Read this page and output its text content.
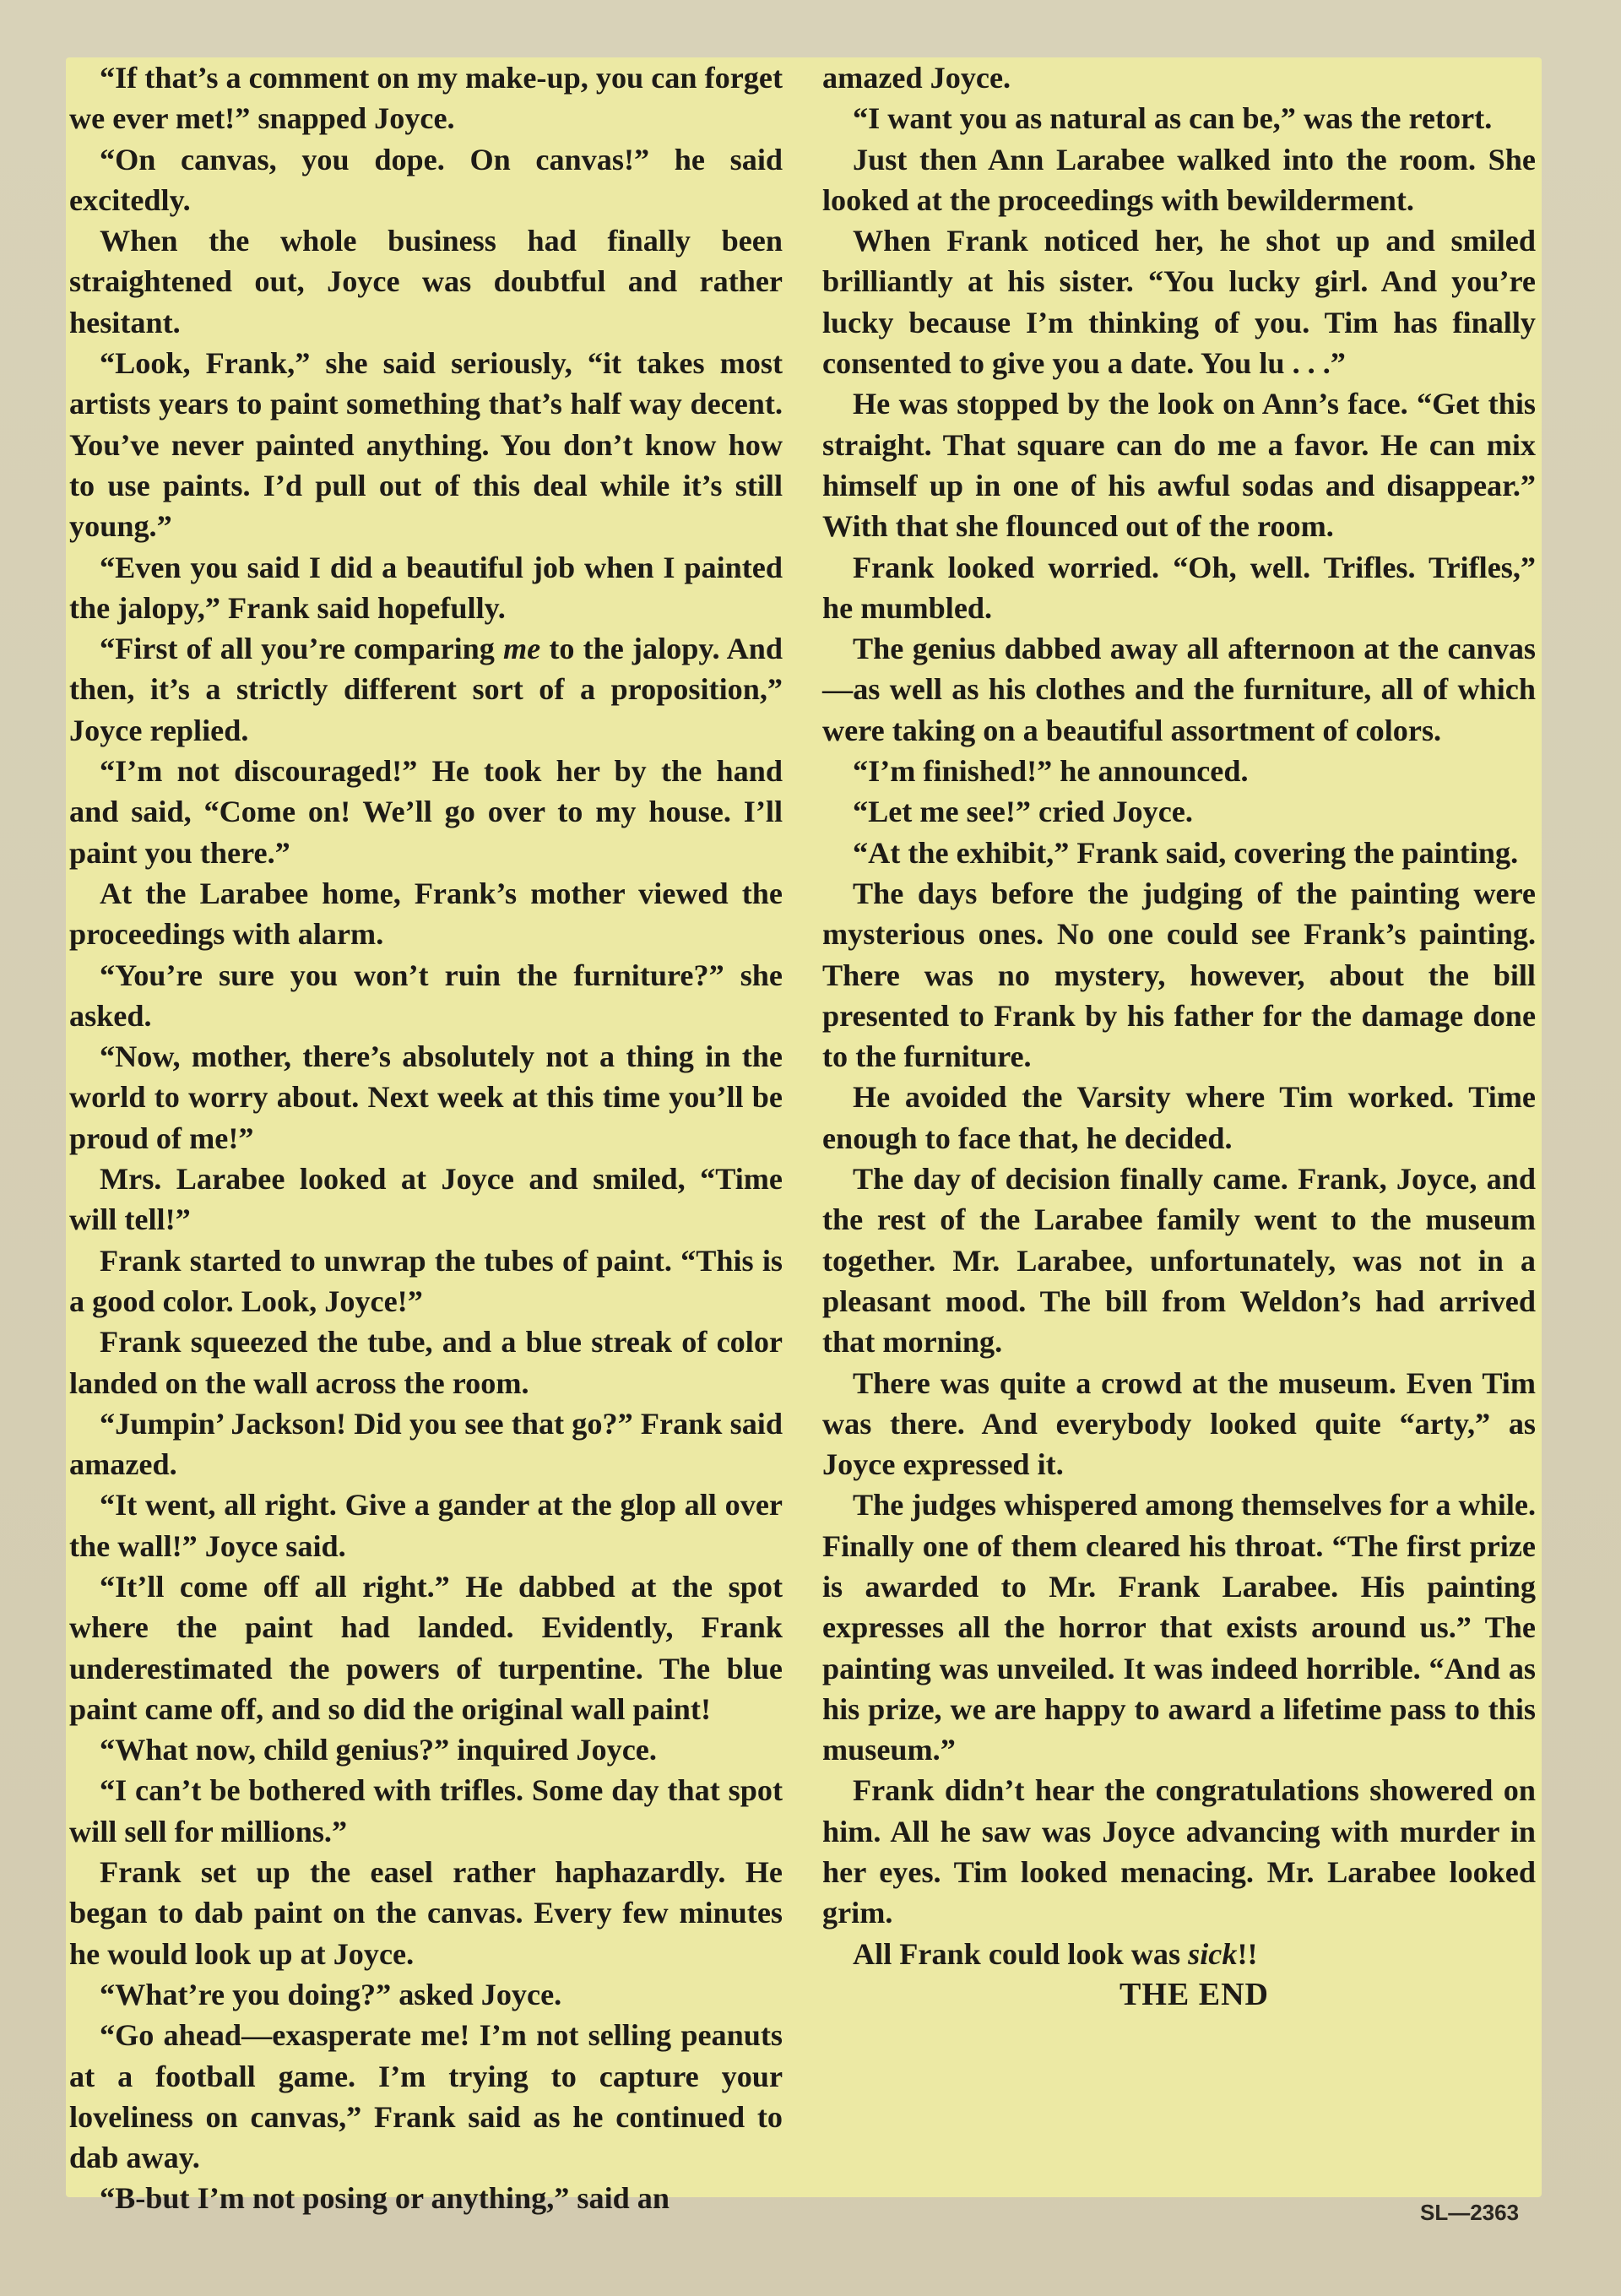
“If that’s a comment on my make-up, you can forget we ever met!” snapped Joyce.

“On canvas, you dope. On canvas!” he said excitedly.

When the whole business had finally been straightened out, Joyce was doubtful and rather hesitant.

“Look, Frank,” she said seriously, “it takes most artists years to paint something that’s half way decent. You’ve never painted anything. You don’t know how to use paints. I’d pull out of this deal while it’s still young.”

“Even you said I did a beautiful job when I painted the jalopy,” Frank said hopefully.

“First of all you’re comparing me to the jalopy. And then, it’s a strictly different sort of a proposition,” Joyce replied.

“I’m not discouraged!” He took her by the hand and said, “Come on! We’ll go over to my house. I’ll paint you there.”

At the Larabee home, Frank’s mother viewed the proceedings with alarm.

“You’re sure you won’t ruin the furniture?” she asked.

“Now, mother, there’s absolutely not a thing in the world to worry about. Next week at this time you’ll be proud of me!”

Mrs. Larabee looked at Joyce and smiled, “Time will tell!”

Frank started to unwrap the tubes of paint. “This is a good color. Look, Joyce!”

Frank squeezed the tube, and a blue streak of color landed on the wall across the room.

“Jumpin’ Jackson! Did you see that go?” Frank said amazed.

“It went, all right. Give a gander at the glop all over the wall!” Joyce said.

“It’ll come off all right.” He dabbed at the spot where the paint had landed. Evidently, Frank underestimated the powers of turpentine. The blue paint came off, and so did the original wall paint!

“What now, child genius?” inquired Joyce.

“I can’t be bothered with trifles. Some day that spot will sell for millions.”

Frank set up the easel rather haphazardly. He began to dab paint on the canvas. Every few minutes he would look up at Joyce.

“What’re you doing?” asked Joyce.

“Go ahead—exasperate me! I’m not selling peanuts at a football game. I’m trying to capture your loveliness on canvas,” Frank said as he continued to dab away.

“B-but I’m not posing or anything,” said an

amazed Joyce.

“I want you as natural as can be,” was the retort.

Just then Ann Larabee walked into the room. She looked at the proceedings with bewilderment.

When Frank noticed her, he shot up and smiled brilliantly at his sister. “You lucky girl. And you’re lucky because I’m thinking of you. Tim has finally consented to give you a date. You lu . . .”

He was stopped by the look on Ann’s face. “Get this straight. That square can do me a favor. He can mix himself up in one of his awful sodas and disappear.” With that she flounced out of the room.

Frank looked worried. “Oh, well. Trifles. Trifles,” he mumbled.

The genius dabbed away all afternoon at the canvas—as well as his clothes and the furniture, all of which were taking on a beautiful assortment of colors.

“I’m finished!” he announced.

“Let me see!” cried Joyce.

“At the exhibit,” Frank said, covering the painting.

The days before the judging of the painting were mysterious ones. No one could see Frank’s painting. There was no mystery, however, about the bill presented to Frank by his father for the damage done to the furniture.

He avoided the Varsity where Tim worked. Time enough to face that, he decided.

The day of decision finally came. Frank, Joyce, and the rest of the Larabee family went to the museum together. Mr. Larabee, unfortunately, was not in a pleasant mood. The bill from Weldon’s had arrived that morning.

There was quite a crowd at the museum. Even Tim was there. And everybody looked quite “arty,” as Joyce expressed it.

The judges whispered among themselves for a while. Finally one of them cleared his throat. “The first prize is awarded to Mr. Frank Larabee. His painting expresses all the horror that exists around us.” The painting was unveiled. It was indeed horrible. “And as his prize, we are happy to award a lifetime pass to this museum.”

Frank didn’t hear the congratulations showered on him. All he saw was Joyce advancing with murder in her eyes. Tim looked menacing. Mr. Larabee looked grim.

All Frank could look was sick!!

THE END

SL—2363
